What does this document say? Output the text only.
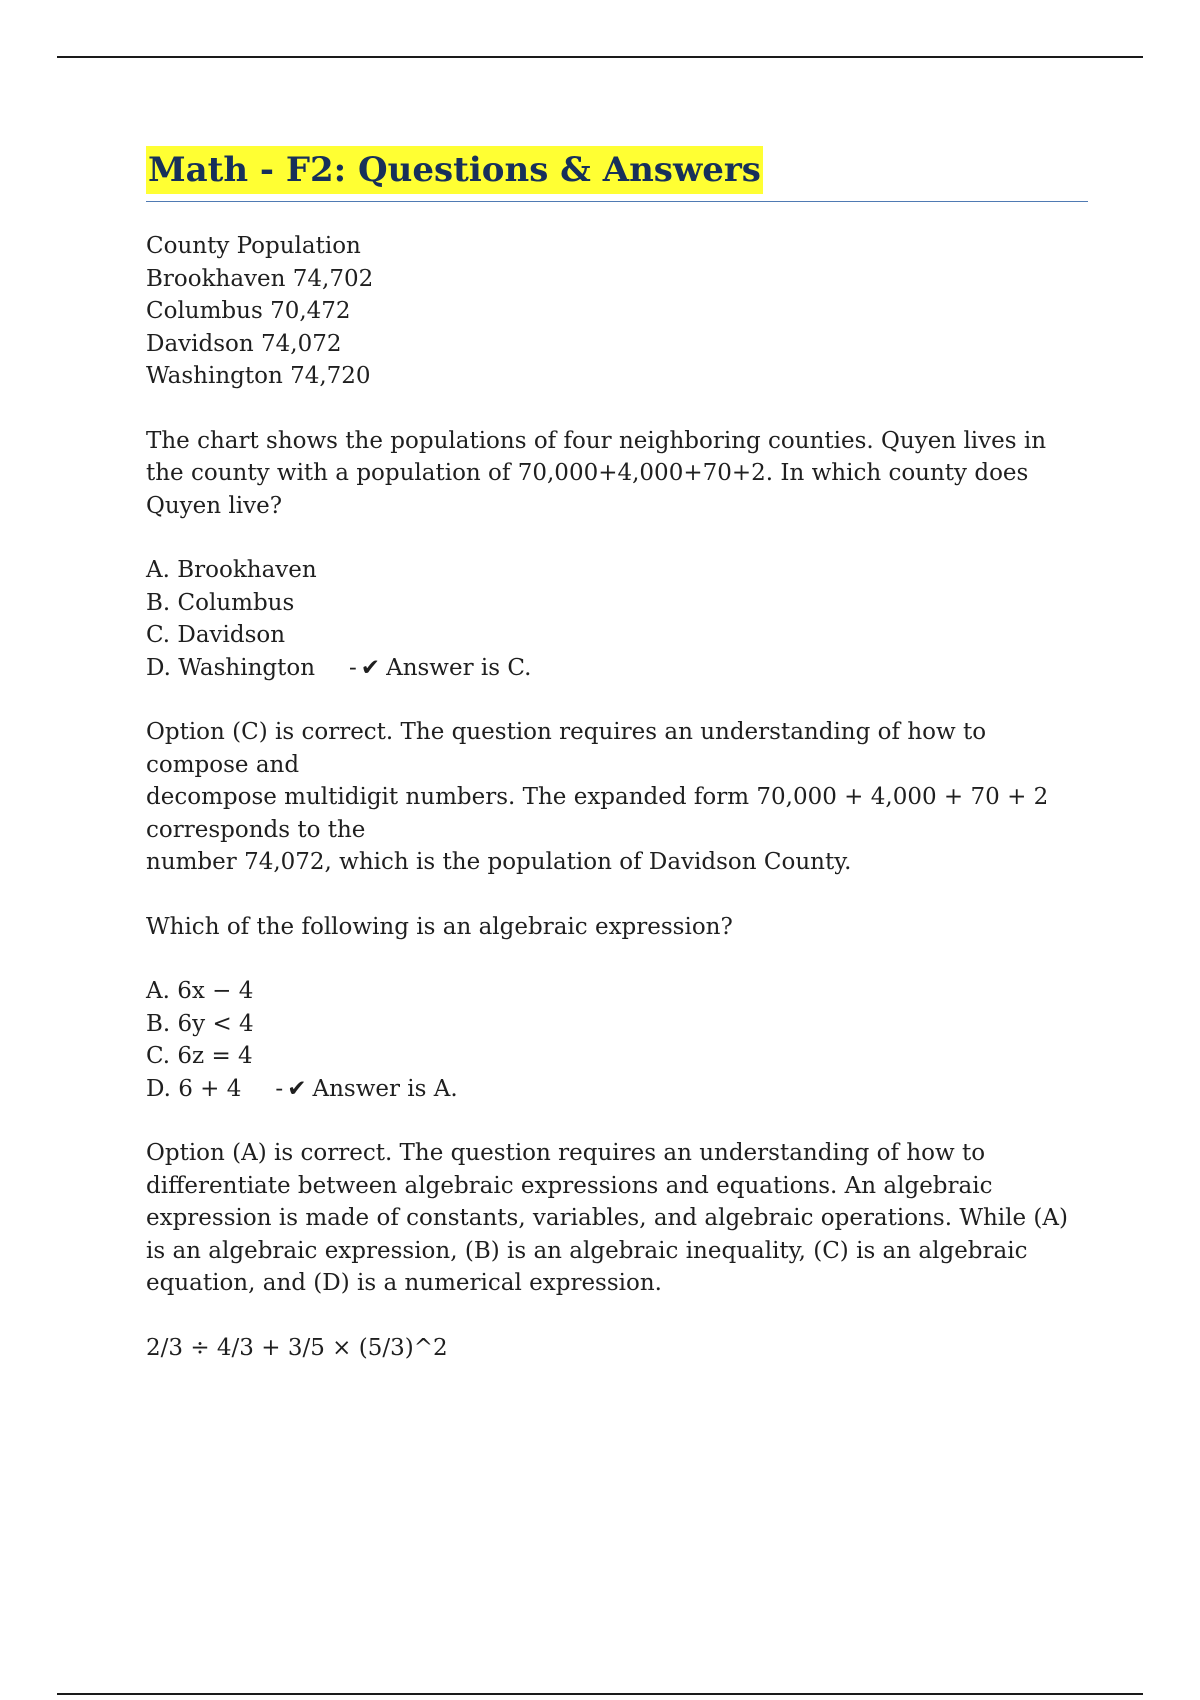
Math - F2: Questions & Answers
County Population
Brookhaven 74,702
Columbus 70,472
Davidson 74,072
Washington 74,720
The chart shows the populations of four neighboring counties. Quyen lives in
the county with a population of 70,000+4,000+70+2. In which county does
Quyen live?
A. Brookhaven
B. Columbus
C. Davidson
D. Washington - ✔ Answer is C.
Option (C) is correct. The question requires an understanding of how to
compose and
decompose multidigit numbers. The expanded form 70,000 + 4,000 + 70 + 2
corresponds to the
number 74,072, which is the population of Davidson County.
Which of the following is an algebraic expression?
A. 6x − 4
B. 6y < 4
C. 6z = 4
D. 6 + 4 - ✔ Answer is A.
Option (A) is correct. The question requires an understanding of how to
differentiate between algebraic expressions and equations. An algebraic
expression is made of constants, variables, and algebraic operations. While (A)
is an algebraic expression, (B) is an algebraic inequality, (C) is an algebraic
equation, and (D) is a numerical expression.
2/3 ÷ 4/3 + 3/5 × (5/3)^2
